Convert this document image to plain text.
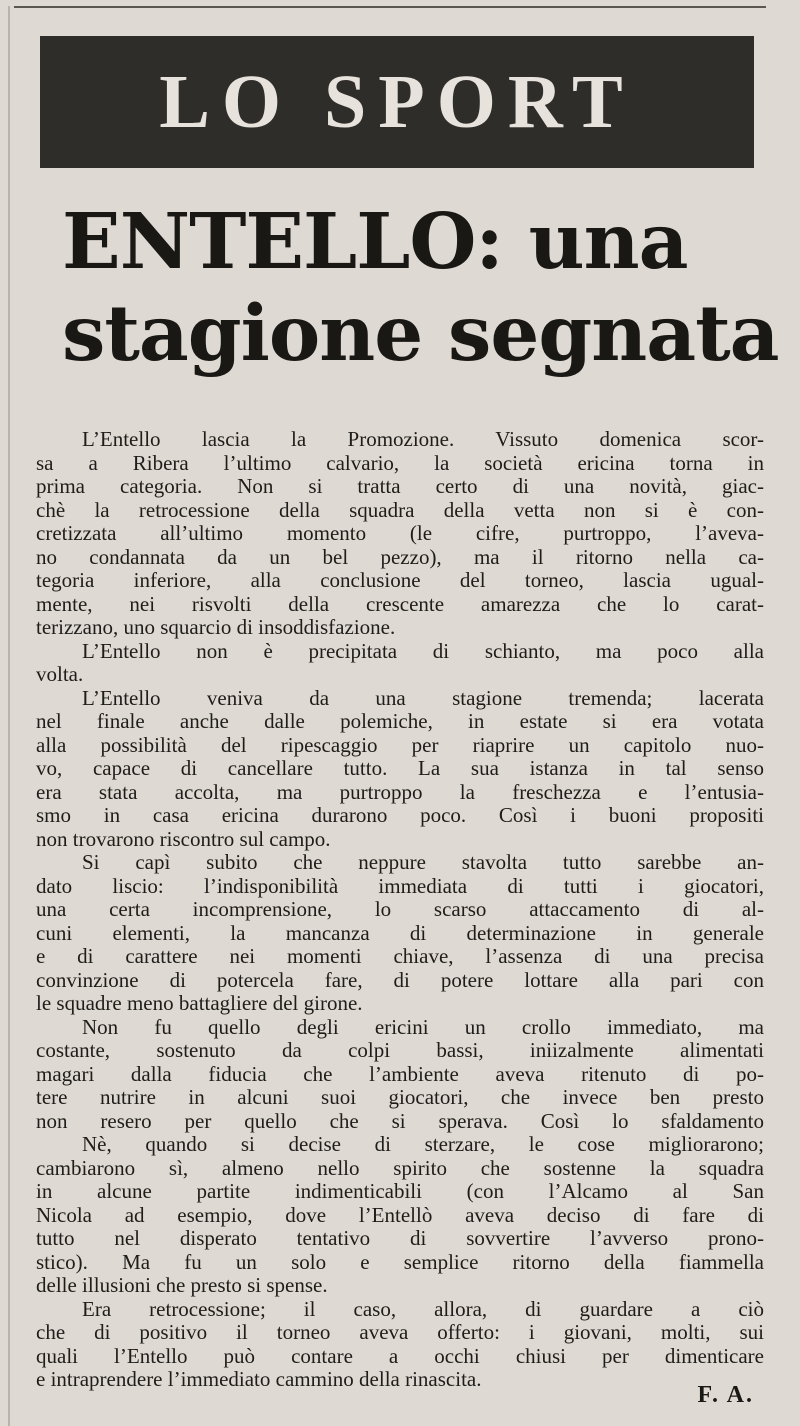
LO SPORT
ENTELLO: una
stagione segnata
L’Entello lascia la Promozione. Vissuto domenica scor-
sa a Ribera l’ultimo calvario, la società ericina torna in
prima categoria. Non si tratta certo di una novità, giac-
chè la retrocessione della squadra della vetta non si è con-
cretizzata all’ultimo momento (le cifre, purtroppo, l’aveva-
no condannata da un bel pezzo), ma il ritorno nella ca-
tegoria inferiore, alla conclusione del torneo, lascia ugual-
mente, nei risvolti della crescente amarezza che lo carat-
terizzano, uno squarcio di insoddisfazione.
L’Entello non è precipitata di schianto, ma poco alla
volta.
L’Entello veniva da una stagione tremenda; lacerata
nel finale anche dalle polemiche, in estate si era votata
alla possibilità del ripescaggio per riaprire un capitolo nuo-
vo, capace di cancellare tutto. La sua istanza in tal senso
era stata accolta, ma purtroppo la freschezza e l’entusia-
smo in casa ericina durarono poco. Così i buoni propositi
non trovarono riscontro sul campo.
Si capì subito che neppure stavolta tutto sarebbe an-
dato liscio: l’indisponibilità immediata di tutti i giocatori,
una certa incomprensione, lo scarso attaccamento di al-
cuni elementi, la mancanza di determinazione in generale
e di carattere nei momenti chiave, l’assenza di una precisa
convinzione di potercela fare, di potere lottare alla pari con
le squadre meno battagliere del girone.
Non fu quello degli ericini un crollo immediato, ma
costante, sostenuto da colpi bassi, iniizalmente alimentati
magari dalla fiducia che l’ambiente aveva ritenuto di po-
tere nutrire in alcuni suoi giocatori, che invece ben presto
non resero per quello che si sperava. Così lo sfaldamento
Nè, quando si decise di sterzare, le cose migliorarono;
cambiarono sì, almeno nello spirito che sostenne la squadra
in alcune partite indimenticabili (con l’Alcamo al San
Nicola ad esempio, dove l’Entellò aveva deciso di fare di
tutto nel disperato tentativo di sovvertire l’avverso prono-
stico). Ma fu un solo e semplice ritorno della fiammella
delle illusioni che presto si spense.
Era retrocessione; il caso, allora, di guardare a ciò
che di positivo il torneo aveva offerto: i giovani, molti, sui
quali l’Entello può contare a occhi chiusi per dimenticare
e intraprendere l’immediato cammino della rinascita.
F. A.
